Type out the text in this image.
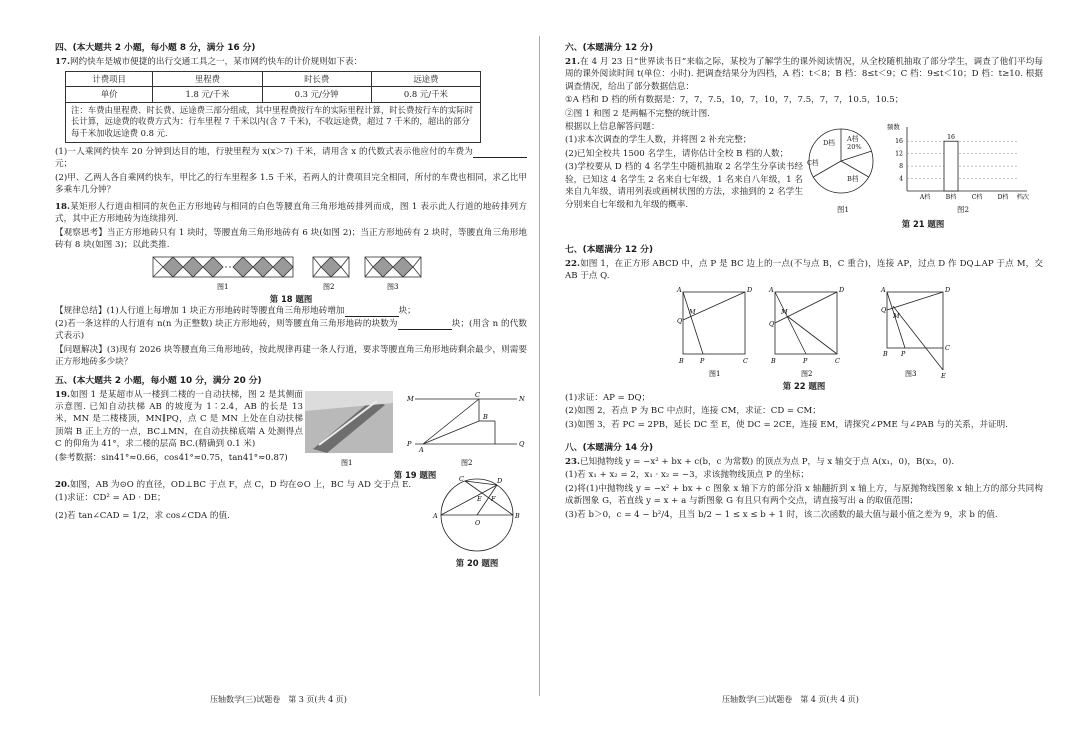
四、(本大题共 2 小题，每小题 8 分，满分 16 分)
17.网约快车是城市便捷的出行交通工具之一，某市网约快车的计价规则如下表：
计费项目	里程费	时长费	远途费
单价	1.8 元/千米	0.3 元/分钟	0.8 元/千米
注：车费由里程费、时长费、远途费三部分组成，其中里程费按行车的实际里程计算，时长费按行车的实际时长计算，远途费的收费方式为：行车里程 7 千米以内(含 7 千米)，不收远途费，超过 7 千米的，超出的部分每千米加收远途费 0.8 元.			
(1)一人乘网约快车 20 分钟到达目的地，行驶里程为 x(x＞7) 千米，请用含 x 的代数式表示他应付的车费为元；
(2)甲、乙两人各自乘网约快车，甲比乙的行车里程多 1.5 千米，若两人的计费项目完全相同，所付的车费也相同，求乙比甲多乘车几分钟？
18.某矩形人行道由相同的灰色正方形地砖与相同的白色等腰直角三角形地砖排列而成，图 1 表示此人行道的地砖排列方式，其中正方形地砖为连续排列.
【观察思考】当正方形地砖只有 1 块时，等腰直角三角形地砖有 6 块(如图 2)；当正方形地砖有 2 块时，等腰直角三角形地砖有 8 块(如图 3)；以此类推.
图1	图2	图3
第 18 题图
【规律总结】(1)人行道上每增加 1 块正方形地砖时等腰直角三角形地砖增加	块；
(2)若一条这样的人行道有 n(n 为正整数) 块正方形地砖，则等腰直角三角形地砖的块数为	块；(用含 n 的代数式表示)
【问题解决】(3)现有 2026 块等腰直角三角形地砖，按此规律再建一条人行道，要求等腰直角三角形地砖剩余最少，则需要正方形地砖多少块？
五、(本大题共 2 小题，每小题 10 分，满分 20 分)
19.如图 1 是某超市从一楼到二楼的一自动扶梯，图 2 是其侧面示意图. 已知自动扶梯 AB 的坡度为 1∶2.4，AB 的长是 13 米，MN 是二楼楼顶，MN∥PQ，点 C 是 MN 上处在自动扶梯顶端 B 正上方的一点，BC⊥MN，在自动扶梯底端 A 处测得点 C 的仰角为 41°，求二楼的层高 BC.(精确到 0.1 米)
(参考数据：sin41°≈0.66，cos41°≈0.75，tan41°≈0.87)	图1
M	N
C
B
P
A
Q
图2
第 19 题图
20.如图，AB 为⊙O 的直径，OD⊥BC 于点 F，点 C，D 均在⊙O 上，BC 与 AD 交于点 E.
(1)求证：CD² = AD · DE；
(2)若 tan∠CAD = 1/2，求 cos∠CDA 的值.
D
C
E F
A
O
B
第 20 题图
六、(本题满分 12 分)
21.在 4 月 23 日“世界读书日”来临之际，某校为了解学生的课外阅读情况，从全校随机抽取了部分学生，调查了他们平均每周的课外阅读时间 t(单位：小时). 把调查结果分为四档，A 档：t＜8；B 档：8≤t＜9；C 档：9≤t＜10；D 档：t≥10. 根据调查情况，给出了部分数据信息：
①A 档和 D 档的所有数据是：7，7，7.5，10，7，10，7，7.5，7，7，10.5，10.5；
②图 1 和图 2 是两幅不完整的统计图.
根据以上信息解答问题：
(1)求本次调查的学生人数，并将图 2 补充完整；
(2)已知全校共 1500 名学生，请你估计全校 B 档的人数；
(3)学校要从 D 档的 4 名学生中随机抽取 2 名学生分享读书经验，已知这 4 名学生 2 名来自七年级，1 名来自八年级，1 名来自九年级，请用列表或画树状图的方法，求抽到的 2 名学生分别来自七年级和九年级的概率.
A档
B档
C档
D档 20%
图1
频数
4
8
12
16
A档	B档
16
C档	D档 档次
图2
第 21 题图
七、(本题满分 12 分)
22.如图 1，在正方形 ABCD 中，点 P 是 BC 边上的一点(不与点 B，C 重合)，连接 AP，过点 D 作 DQ⊥AP 于点 M，交 AB 于点 Q.
A	D
Q
M
B	P	C
图1
A	D
Q
M
B	P	C
图2
A	D
Q
M
B P
C
E
图3
第 22 题图
(1)求证：AP = DQ；
(2)如图 2，若点 P 为 BC 中点时，连接 CM，求证：CD = CM；
(3)如图 3，若 PC = 2PB，延长 DC 至 E，使 DC = 2CE，连接 EM，请探究∠PME 与∠PAB 与的关系，并证明.
八、(本题满分 14 分)
23.已知抛物线 y = −x² + bx + c(b，c 为常数) 的顶点为点 P，与 x 轴交于点 A(x₁，0)，B(x₂，0).
(1)若 x₁ + x₂ = 2，x₁ · x₂ = −3，求该抛物线顶点 P 的坐标；
(2)将(1)中抛物线 y = −x² + bx + c 图象 x 轴下方的部分沿 x 轴翻折到 x 轴上方，与原抛物线图象 x 轴上方的部分共同构成新图象 G，若直线 y = x + a 与新图象 G 有且只有两个交点，请直接写出 a 的取值范围；
(3)若 b＞0，c = 4 − b²/4，且当 b/2 − 1 ≤ x ≤ b + 1 时，该二次函数的最大值与最小值之差为 9，求 b 的值.
压轴数学(三)试题卷　第 3 页(共 4 页)	压轴数学(三)试题卷　第 4 页(共 4 页)
